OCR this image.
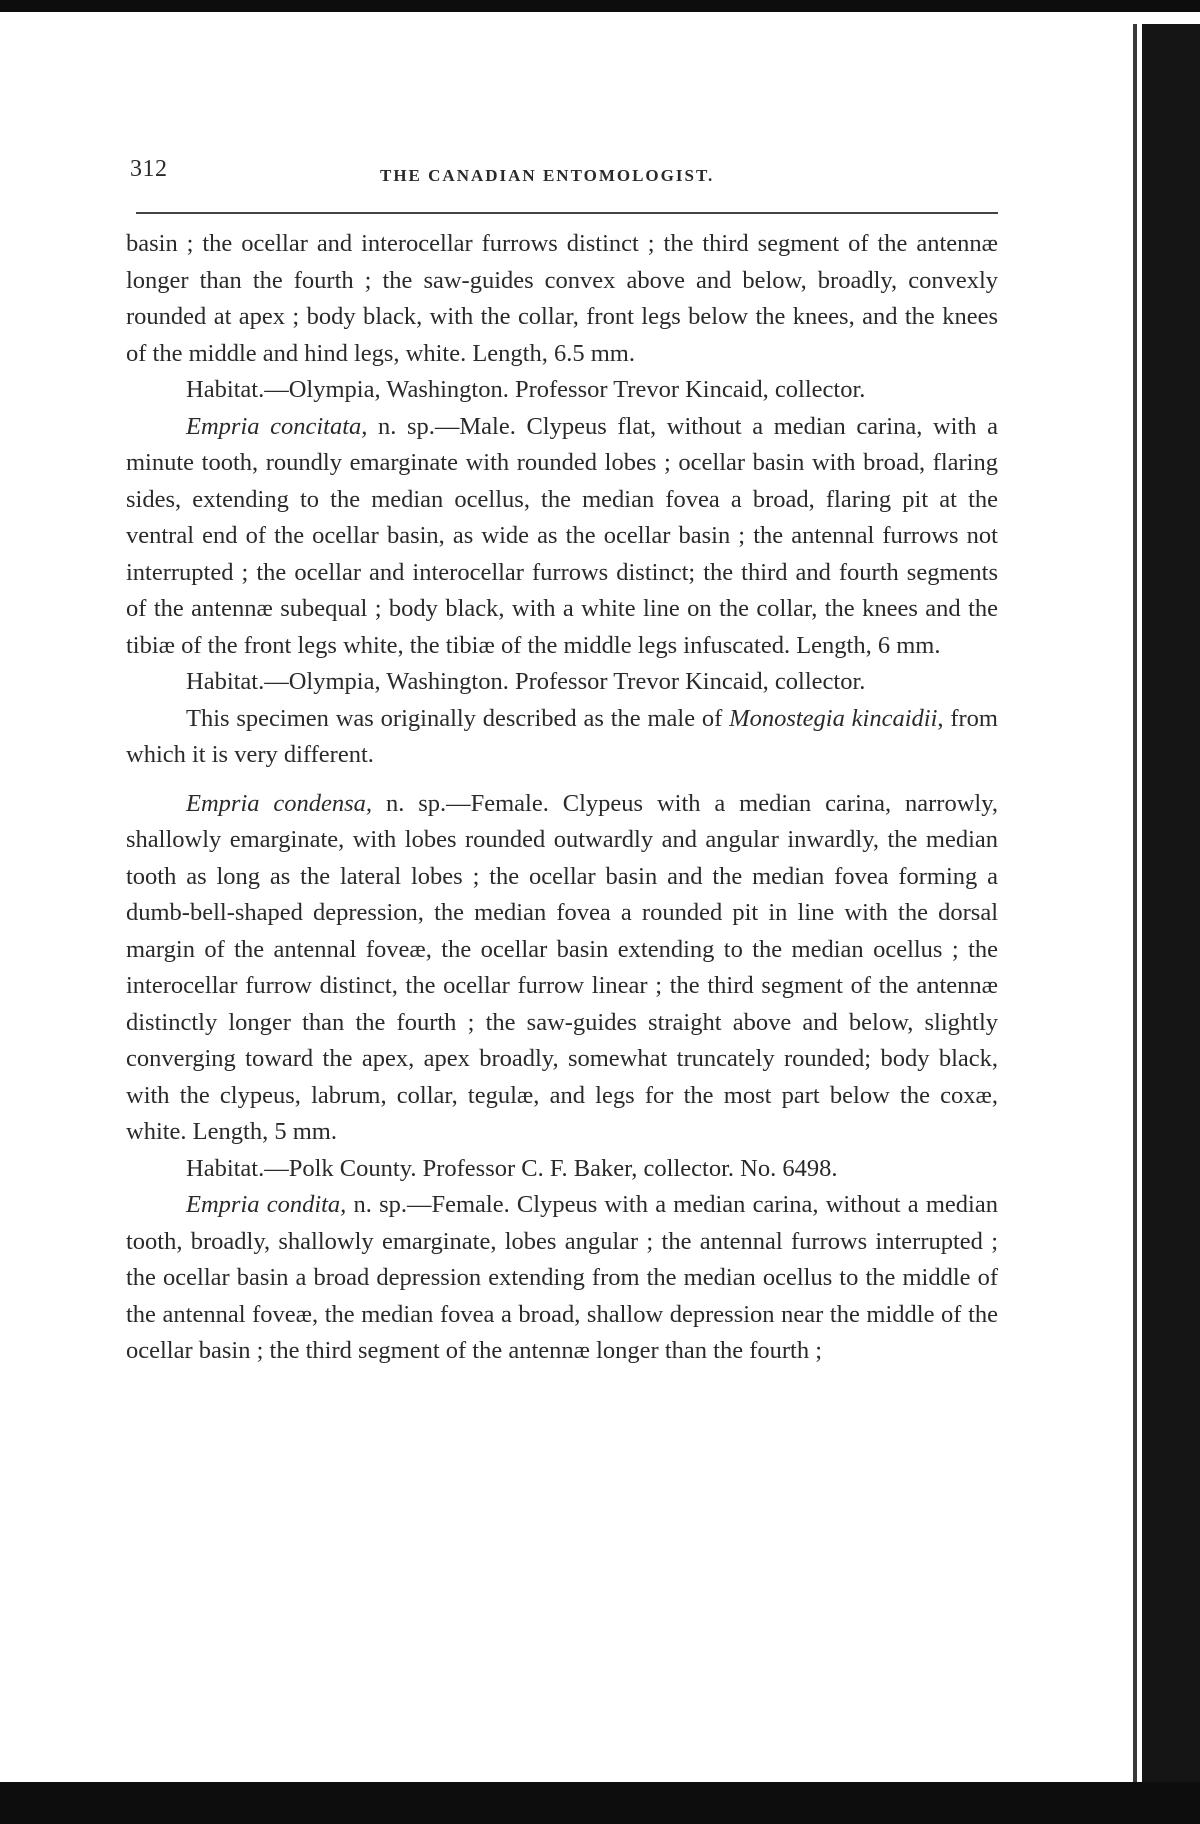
312	THE CANADIAN ENTOMOLOGIST.

basin ; the ocellar and interocellar furrows distinct ; the third segment of the antennæ longer than the fourth ; the saw-guides convex above and below, broadly, convexly rounded at apex ; body black, with the collar, front legs below the knees, and the knees of the middle and hind legs, white. Length, 6.5 mm.

Habitat.—Olympia, Washington. Professor Trevor Kincaid, collector.

Empria concitata, n. sp.—Male. Clypeus flat, without a median carina, with a minute tooth, roundly emarginate with rounded lobes ; ocellar basin with broad, flaring sides, extending to the median ocellus, the median fovea a broad, flaring pit at the ventral end of the ocellar basin, as wide as the ocellar basin ; the antennal furrows not interrupted ; the ocellar and interocellar furrows distinct; the third and fourth segments of the antennæ subequal ; body black, with a white line on the collar, the knees and the tibiæ of the front legs white, the tibiæ of the middle legs infuscated. Length, 6 mm.

Habitat.—Olympia, Washington. Professor Trevor Kincaid, collector.

This specimen was originally described as the male of Monostegia kincaidii, from which it is very different.

Empria condensa, n. sp.—Female. Clypeus with a median carina, narrowly, shallowly emarginate, with lobes rounded outwardly and angular inwardly, the median tooth as long as the lateral lobes ; the ocellar basin and the median fovea forming a dumb-bell-shaped depression, the median fovea a rounded pit in line with the dorsal margin of the antennal foveæ, the ocellar basin extending to the median ocellus ; the interocellar furrow distinct, the ocellar furrow linear ; the third segment of the antennæ distinctly longer than the fourth ; the saw-guides straight above and below, slightly converging toward the apex, apex broadly, somewhat truncately rounded; body black, with the clypeus, labrum, collar, tegulæ, and legs for the most part below the coxæ, white. Length, 5 mm.

Habitat.—Polk County. Professor C. F. Baker, collector. No. 6498.

Empria condita, n. sp.—Female. Clypeus with a median carina, without a median tooth, broadly, shallowly emarginate, lobes angular ; the antennal furrows interrupted ; the ocellar basin a broad depression extending from the median ocellus to the middle of the antennal foveæ, the median fovea a broad, shallow depression near the middle of the ocellar basin ; the third segment of the antennæ longer than the fourth ;
